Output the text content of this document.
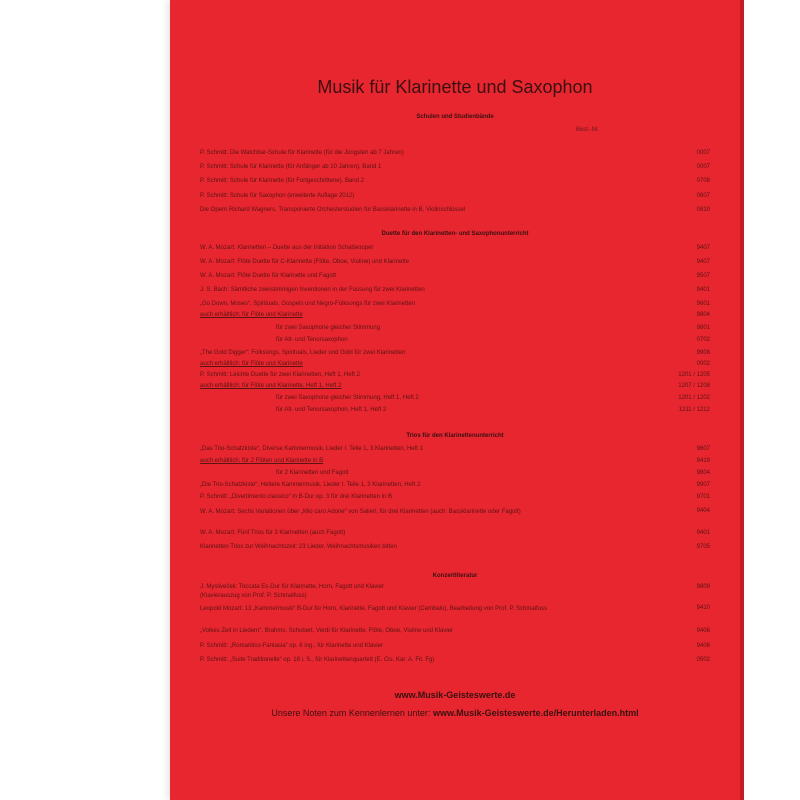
Musik für Klarinette und Saxophon
Schulen und Studienbände
Best.-Nr.
P. Schmitt: Die Watchbar-Schule für Klarinette (für die Jüngsten ab 7 Jahren)	0007
P. Schmitt: Schule für Klarinette (für Anfänger ab 10 Jahren), Band 1	0007
P. Schmitt: Schule für Klarinette (für Fortgeschrittene), Band 2	0708
P. Schmitt: Schule für Saxophon (erweiterte Auflage 2012)	0607
Die Opern Richard Wagners. Transponierte Orchesterstudien für Bassklarinette in B, Violinschlüssel	0810
Duette für den Klarinetten- und Saxophonunterricht
W. A. Mozart: Klarinetten – Duette aus der Initiation Schatteooper	9407
W. A. Mozart: Flöte Duette für C-Klarinette (Flöte, Oboe, Violine) und Klarinette	9407
W. A. Mozart: Flöte Duette für Klarinette und Fagott	9507
J. S. Bach: Sämtliche zweistimmigen Inventionen in der Fassung für zwei Klarinetten	9401
„Go Down, Moses“, Spirituals, Gospels und Negro-Folksongs für zwei Klarinetten	9601
auch erhältlich: für Flöte und Klarinette	9804
für zwei Saxophone gleicher Stimmung	9801
für Alt- und Tenorsaxophon	0702
„The Gold Digger“: Folksongs, Spirituals, Lieder und Gold für zwei Klarinetten	9908
auch erhältlich: für Flöte und Klarinette	0002
P. Schmitt: Leichte Duette für zwei Klarinetten, Heft 1, Heft 2	1201 / 1205
auch erhältlich: für Flöte und Klarinette, Heft 1, Heft 2	1207 / 1208
für zwei Saxophone gleicher Stimmung, Heft 1, Heft 2	1201 / 1202
für Alt- und Tenorsaxophon, Heft 1, Heft 2	1211 / 1212
Trios für den Klarinettenunterricht
„Das Trio-Schatzkiste“, Diverse Kammermusik, Lieder I. Teile 1, 3 Klarinetten, Heft 1	9607
auch erhältlich: für 2 Flöten und Klarinette in B	9419
für 2 Klarinetten und Fagott	9804
„Die Trio-Schatzkiste“, Heitere Kammermusik, Lieder I. Teile 1, 3 Klarinetten, Heft 2	9907
P. Schmitt: „Divertimento classico“ in B-Dur op. 3 für drei Klarinetten in B	9701
W. A. Mozart: Sechs Variationen über „Mio caro Adone“ von Salieri, für drei Klarinetten (auch: Bassklarinette oder Fagott)	9404
W. A. Mozart: Fünf Trios für 3 Klarinetten (auch Fagott)	9401
Klarinetten Trios zur Weihnachtszeit: 23 Lieder, Weihnachtsmusiken bitten	9705
Konzertliteratur
J. Mysliveček: Toccata Es-Dur für Klarinette, Horn, Fagott und Klavier	9809
(Klavierauszug von Prof. P. Schmalfuss)
Leopold Mozart: 13 „Kammermusik“ B-Dur für Horn, Klarinette, Fagott und Klavier (Cembalo), Bearbeitung von Prof. P. Schmalfuss	9410
„Volkes Zeit in Liedern“, Brahms, Schubert, Verdi für Klarinette, Flöte, Oboe, Violine und Klavier	9406
P. Schmitt: „Romantico-Fantasia“ op. 6 ing., für Klarinette und Klavier	9406
P. Schmitt: „Suite Traditionelle“ op. 18 i. S., für Klarinettenquartett (E. Cis. Kar. A. Fit. Fg)	0502
www.Musik-Geisteswerte.de
Unsere Noten zum Kennenlernen unter: www.Musik-Geisteswerte.de/Herunterladen.html
